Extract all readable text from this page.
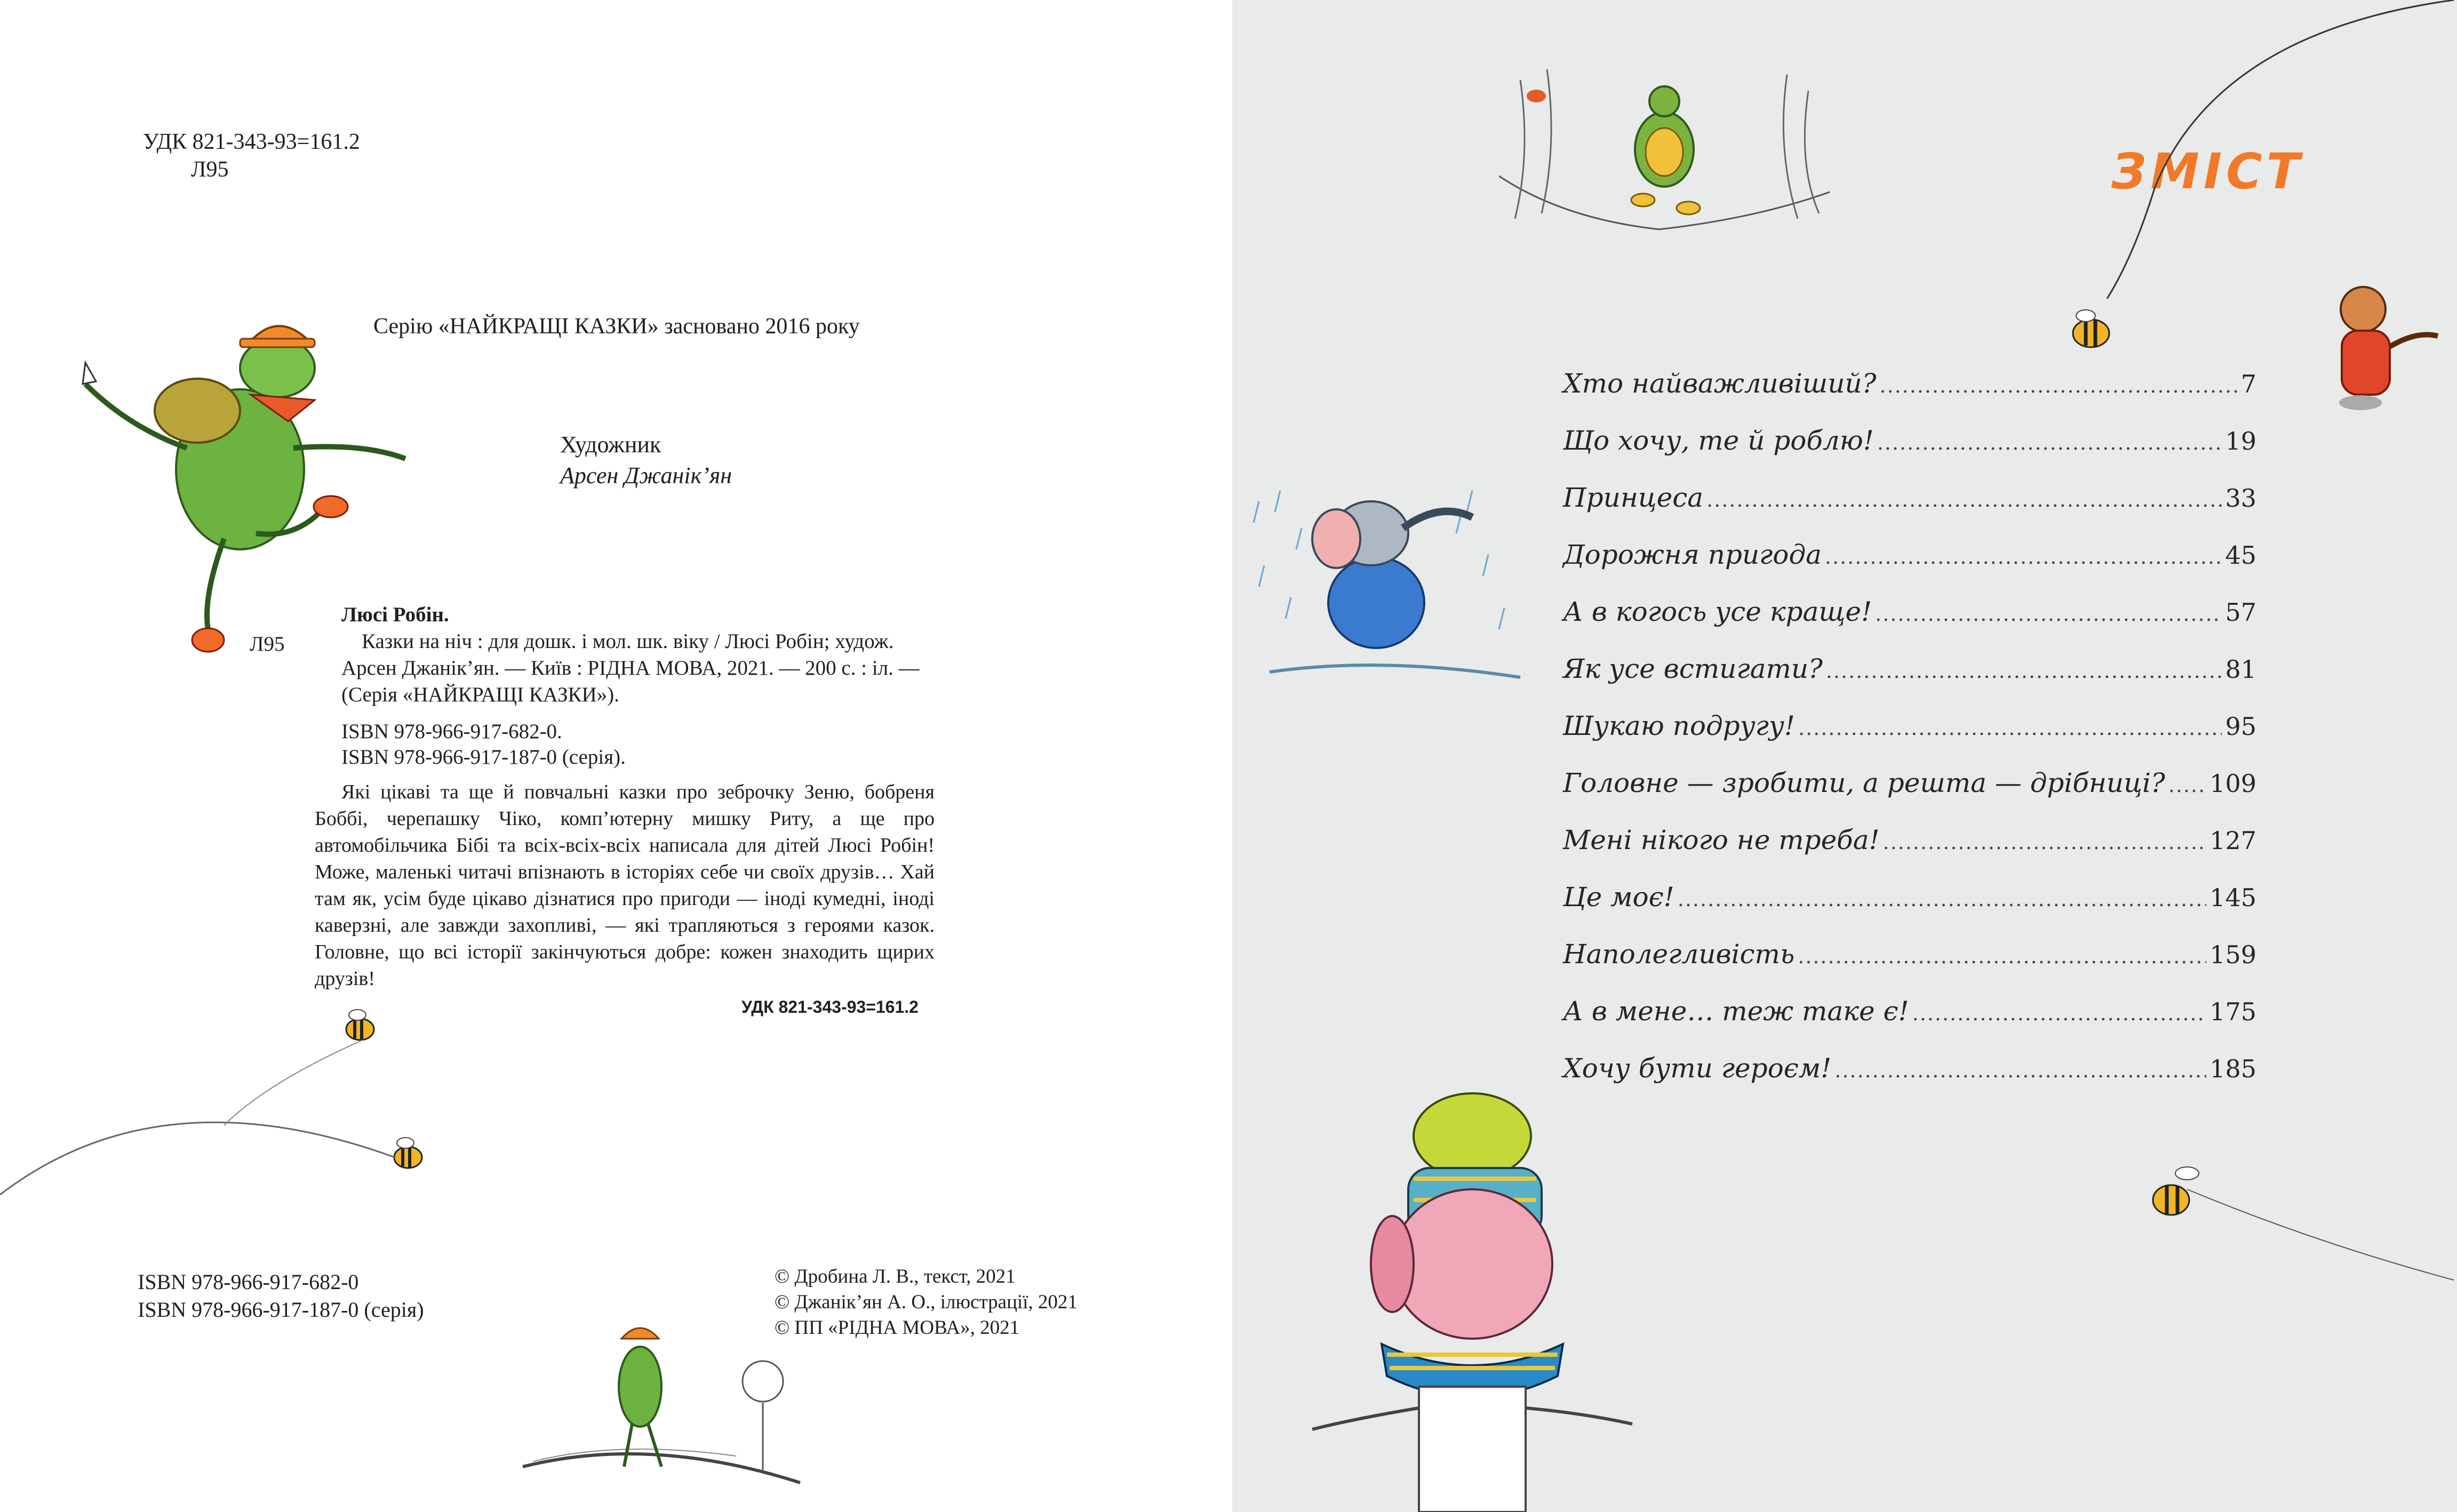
УДК 821-343-93=161.2
Л95
Серію «НАЙКРАЩІ КАЗКИ» засновано 2016 року
Художник
Арсен Джанік’ян
Л95
Люсі Робін.
Казки на ніч : для дошк. і мол. шк. віку / Люсі Робін; худож.
Арсен Джанік’ян. — Київ : РІДНА МОВА, 2021. — 200 с. : іл. —
(Серія «НАЙКРАЩІ КАЗКИ»).
ISBN 978-966-917-682-0.
ISBN 978-966-917-187-0 (серія).
Які цікаві та ще й повчальні казки про зеброчку Зеню, бобреня Боббі, черепашку Чіко, комп’ютерну мишку Риту, а ще про автомобільчика Бібі та всіх-всіх-всіх написала для дітей Люсі Робін! Може, маленькі читачі впізнають в історіях себе чи своїх друзів… Хай там як, усім буде цікаво дізнатися про пригоди — іноді кумедні, іноді каверзні, але завжди захопливі, — які трапляються з героями казок. Головне, що всі історії закінчуються добре: кожен знаходить щирих друзів!
УДК 821-343-93=161.2
ISBN 978-966-917-682-0
ISBN 978-966-917-187-0 (серія)
© Дробина Л. В., текст, 2021
© Джанік’ян А. О., ілюстрації, 2021
© ПП «РІДНА МОВА», 2021
ЗМІСТ
Хто найважливіший? .....	7
Що хочу, те й роблю! .....	19
Принцеса .....	33
Дорожня пригода .....	45
А в когось усе краще! .....	57
Як усе встигати? .....	81
Шукаю подругу! .....	95
Головне — зробити, а решта — дрібниці? ..... 109
Мені нікого не треба! .....	127
Це моє! .....	145
Наполегливість .....	159
А в мене… теж таке є! .....	175
Хочу бути героєм! .....	185
